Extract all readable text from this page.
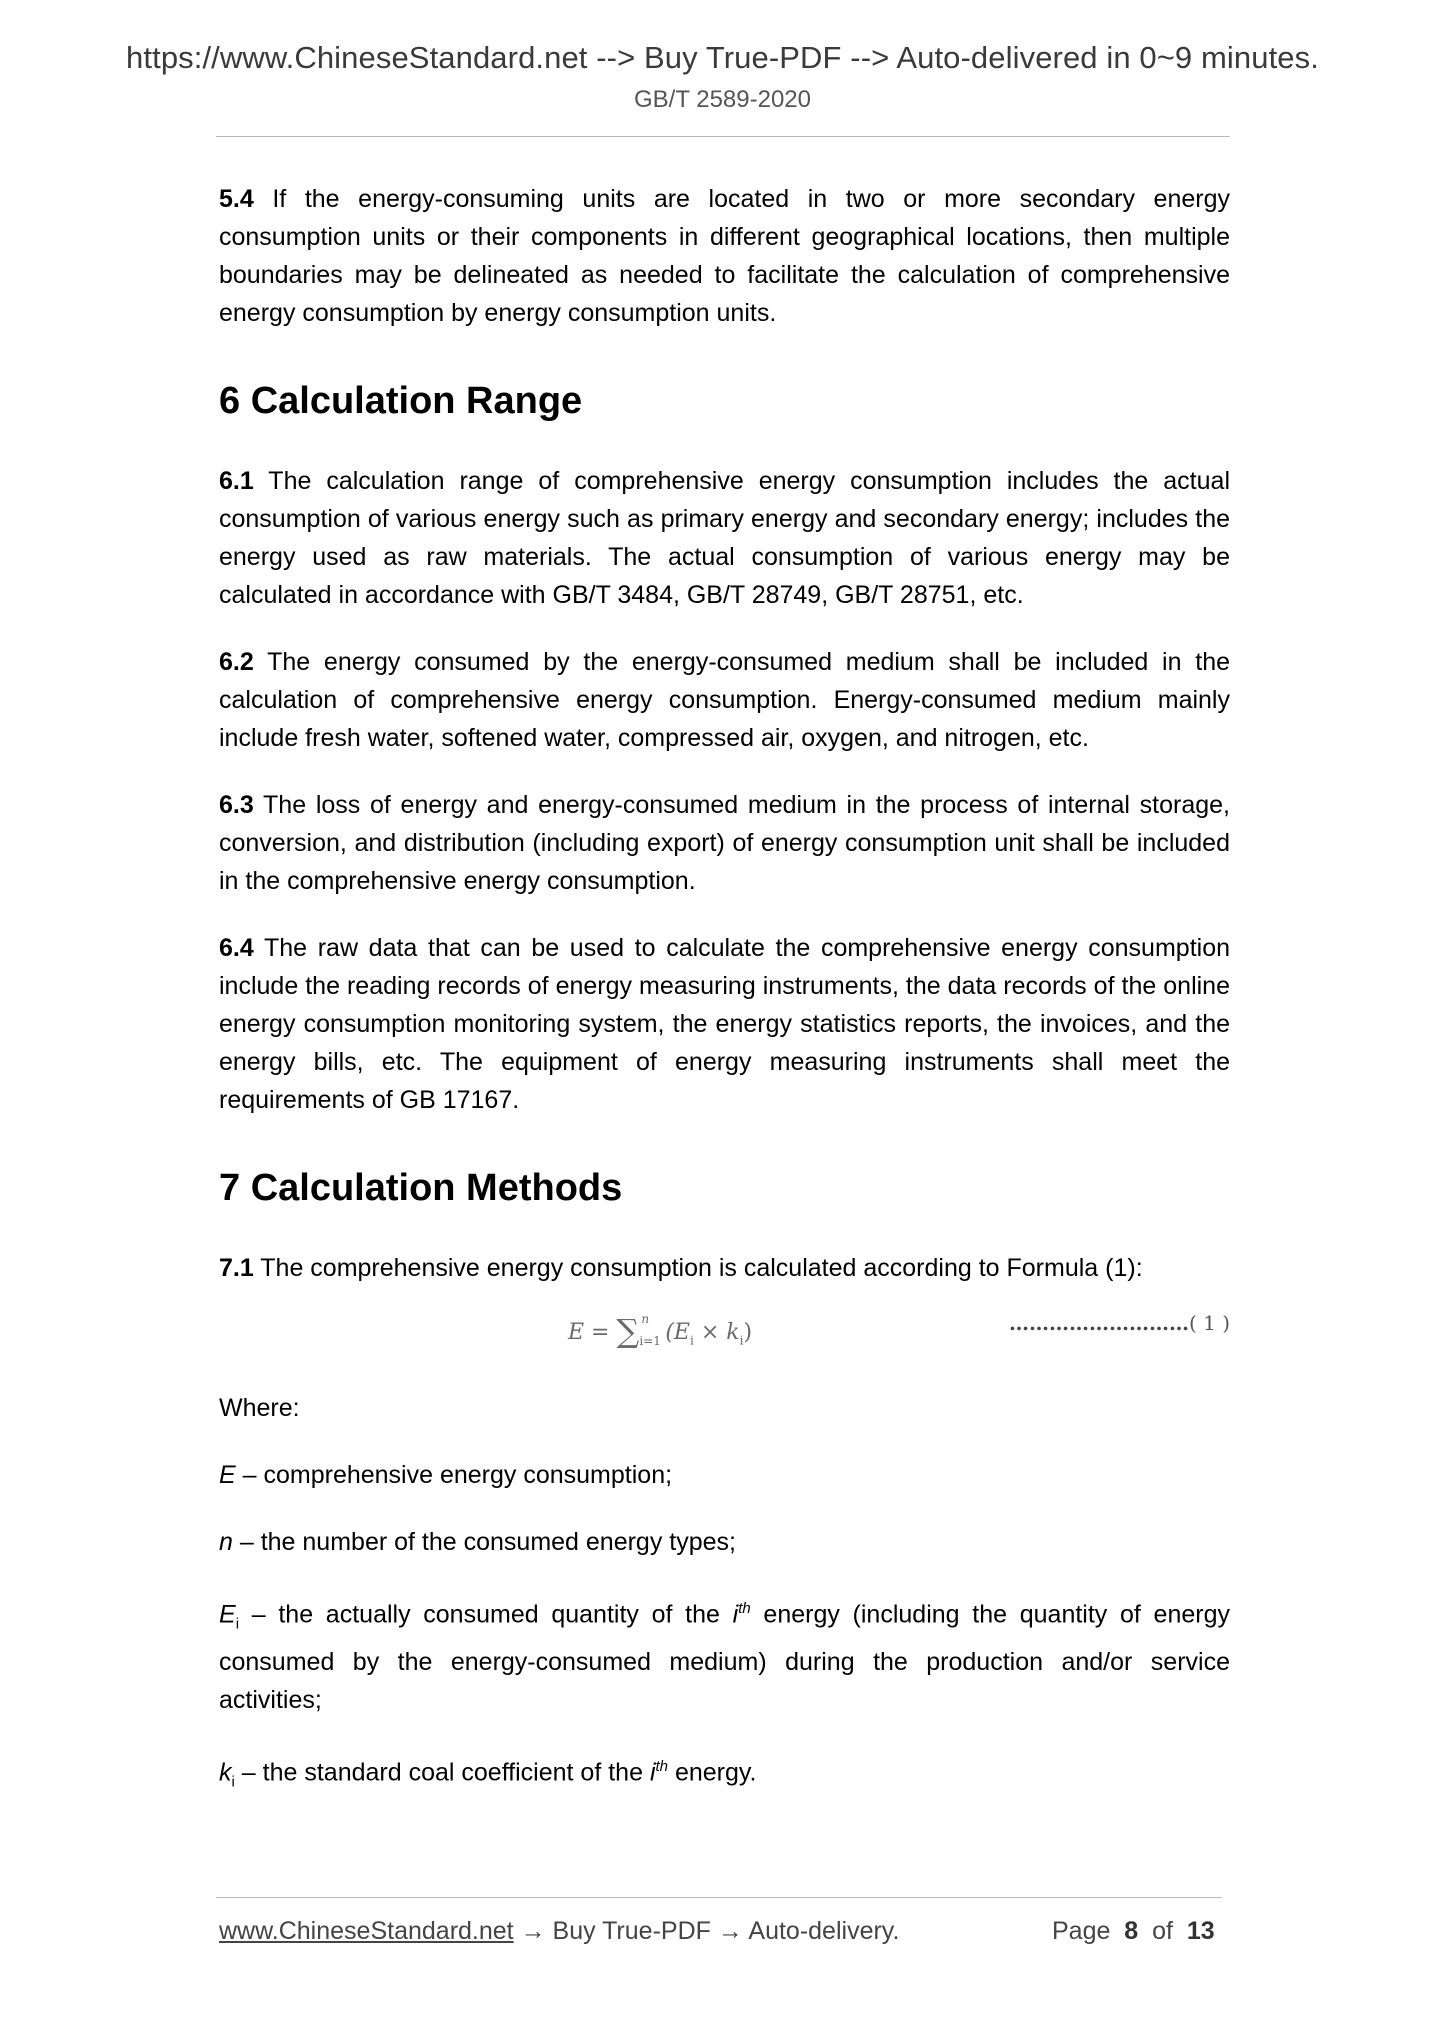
https://www.ChineseStandard.net --> Buy True-PDF --> Auto-delivered in 0~9 minutes.
GB/T 2589-2020

5.4 If the energy-consuming units are located in two or more secondary energy consumption units or their components in different geographical locations, then multiple boundaries may be delineated as needed to facilitate the calculation of comprehensive energy consumption by energy consumption units.

6 Calculation Range

6.1 The calculation range of comprehensive energy consumption includes the actual consumption of various energy such as primary energy and secondary energy; includes the energy used as raw materials. The actual consumption of various energy may be calculated in accordance with GB/T 3484, GB/T 28749, GB/T 28751, etc.

6.2 The energy consumed by the energy-consumed medium shall be included in the calculation of comprehensive energy consumption. Energy-consumed medium mainly include fresh water, softened water, compressed air, oxygen, and nitrogen, etc.

6.3 The loss of energy and energy-consumed medium in the process of internal storage, conversion, and distribution (including export) of energy consumption unit shall be included in the comprehensive energy consumption.

6.4 The raw data that can be used to calculate the comprehensive energy consumption include the reading records of energy measuring instruments, the data records of the online energy consumption monitoring system, the energy statistics reports, the invoices, and the energy bills, etc. The equipment of energy measuring instruments shall meet the requirements of GB 17167.

7 Calculation Methods

7.1 The comprehensive energy consumption is calculated according to Formula (1):

E = ∑ n
i=1 $(E_i \times k_i)$	………………………( 1 )

Where:

E – comprehensive energy consumption;

n – the number of the consumed energy types;

$E_i$ – the actually consumed quantity of the $i^{th}$ energy (including the quantity of energy consumed by the energy-consumed medium) during the production and/or service activities;

$k_i$ – the standard coal coefficient of the $i^{th}$ energy.

www.ChineseStandard.net → Buy True-PDF → Auto-delivery.	Page 8 of 13
